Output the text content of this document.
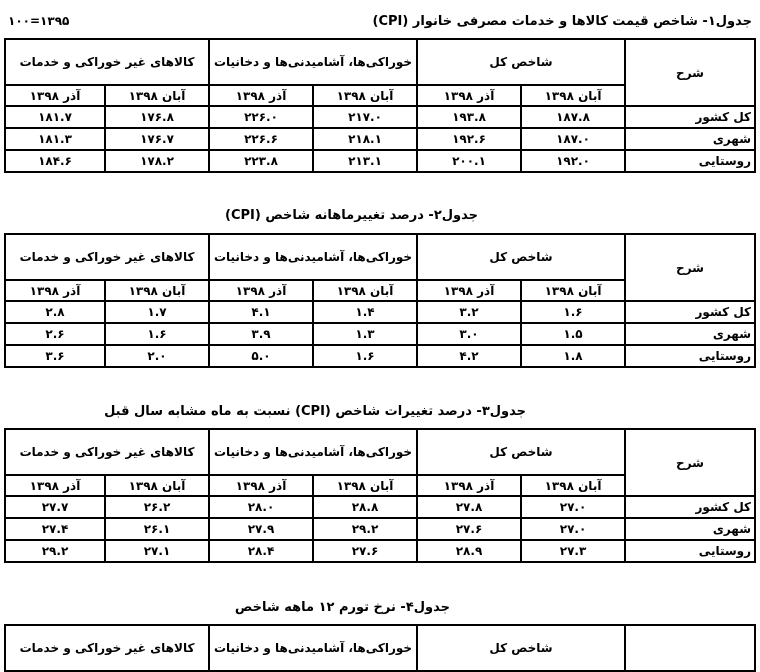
۱۳۹۵=۱۰۰	جدول۱- شاخص قیمت کالاها و خدمات مصرفی خانوار (CPI)
شرح	شاخص کل		خوراکی‌ها، آشامیدنی‌ها و دخانیات		کالاهای غیر خوراکی و خدمات	
	آبان ۱۳۹۸	آذر ۱۳۹۸	آبان ۱۳۹۸	آذر ۱۳۹۸	آبان ۱۳۹۸	آذر ۱۳۹۸
کل کشور	۱۸۷.۸	۱۹۳.۸	۲۱۷.۰	۲۲۶.۰	۱۷۶.۸	۱۸۱.۷
شهری	۱۸۷.۰	۱۹۲.۶	۲۱۸.۱	۲۲۶.۶	۱۷۶.۷	۱۸۱.۳
روستایی	۱۹۲.۰	۲۰۰.۱	۲۱۳.۱	۲۲۳.۸	۱۷۸.۲	۱۸۴.۶
جدول۲- درصد تغییرماهانه شاخص (CPI)
شرح	شاخص کل		خوراکی‌ها، آشامیدنی‌ها و دخانیات		کالاهای غیر خوراکی و خدمات	
	آبان ۱۳۹۸	آذر ۱۳۹۸	آبان ۱۳۹۸	آذر ۱۳۹۸	آبان ۱۳۹۸	آذر ۱۳۹۸
کل کشور	۱.۶	۳.۲	۱.۴	۴.۱	۱.۷	۲.۸
شهری	۱.۵	۳.۰	۱.۳	۳.۹	۱.۶	۲.۶
روستایی	۱.۸	۴.۲	۱.۶	۵.۰	۲.۰	۳.۶
جدول۳- درصد تغییرات شاخص (CPI) نسبت به ماه مشابه سال قبل
شرح	شاخص کل		خوراکی‌ها، آشامیدنی‌ها و دخانیات		کالاهای غیر خوراکی و خدمات	
	آبان ۱۳۹۸	آذر ۱۳۹۸	آبان ۱۳۹۸	آذر ۱۳۹۸	آبان ۱۳۹۸	آذر ۱۳۹۸
کل کشور	۲۷.۰	۲۷.۸	۲۸.۸	۲۸.۰	۲۶.۲	۲۷.۷
شهری	۲۷.۰	۲۷.۶	۲۹.۲	۲۷.۹	۲۶.۱	۲۷.۴
روستایی	۲۷.۳	۲۸.۹	۲۷.۶	۲۸.۴	۲۷.۱	۲۹.۲
جدول۴- نرخ تورم ۱۲ ماهه شاخص
	شاخص کل	خوراکی‌ها، آشامیدنی‌ها و دخانیات	کالاهای غیر خوراکی و خدمات
